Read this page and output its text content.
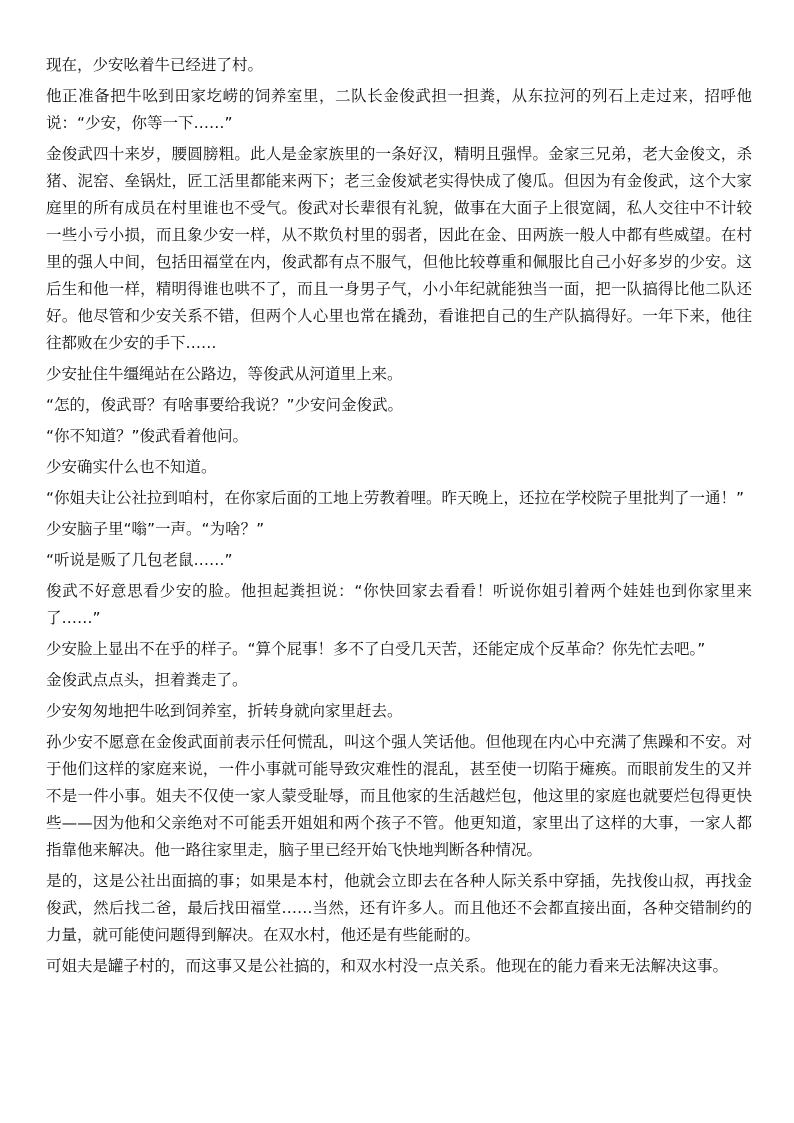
现在，少安吆着牛已经进了村。

他正准备把牛吆到田家圪崂的饲养室里，二队长金俊武担一担粪，从东拉河的列石上走过来，招呼他说：“少安，你等一下……”

金俊武四十来岁，腰圆膀粗。此人是金家族里的一条好汉，精明且强悍。金家三兄弟，老大金俊文，杀猪、泥窑、垒锅灶，匠工活里都能来两下；老三金俊斌老实得快成了傻瓜。但因为有金俊武，这个大家庭里的所有成员在村里谁也不受气。俊武对长辈很有礼貌，做事在大面子上很宽阔，私人交往中不计较一些小亏小损，而且象少安一样，从不欺负村里的弱者，因此在金、田两族一般人中都有些威望。在村里的强人中间，包括田福堂在内，俊武都有点不服气，但他比较尊重和佩服比自己小好多岁的少安。这后生和他一样，精明得谁也哄不了，而且一身男子气，小小年纪就能独当一面，把一队搞得比他二队还好。他尽管和少安关系不错，但两个人心里也常在撬劲，看谁把自己的生产队搞得好。一年下来，他往往都败在少安的手下……

少安扯住牛缰绳站在公路边，等俊武从河道里上来。

“怎的，俊武哥？有啥事要给我说？”少安问金俊武。

“你不知道？”俊武看着他问。

少安确实什么也不知道。

“你姐夫让公社拉到咱村，在你家后面的工地上劳教着哩。昨天晚上，还拉在学校院子里批判了一通！”

少安脑子里“嗡”一声。“为啥？”

“听说是贩了几包老鼠……”

俊武不好意思看少安的脸。他担起粪担说：“你快回家去看看！听说你姐引着两个娃娃也到你家里来了……”

少安脸上显出不在乎的样子。“算个屁事！多不了白受几天苦，还能定成个反革命？你先忙去吧。”

金俊武点点头，担着粪走了。

少安匆匆地把牛吆到饲养室，折转身就向家里赶去。

孙少安不愿意在金俊武面前表示任何慌乱，叫这个强人笑话他。但他现在内心中充满了焦躁和不安。对于他们这样的家庭来说，一件小事就可能导致灾难性的混乱，甚至使一切陷于瘫痪。而眼前发生的又并不是一件小事。姐夫不仅使一家人蒙受耻辱，而且他家的生活越烂包，他这里的家庭也就要烂包得更快些——因为他和父亲绝对不可能丢开姐姐和两个孩子不管。他更知道，家里出了这样的大事，一家人都指靠他来解决。他一路往家里走，脑子里已经开始飞快地判断各种情况。

是的，这是公社出面搞的事；如果是本村，他就会立即去在各种人际关系中穿插，先找俊山叔，再找金俊武，然后找二爸，最后找田福堂……当然，还有许多人。而且他还不会都直接出面，各种交错制约的力量，就可能使问题得到解决。在双水村，他还是有些能耐的。

可姐夫是罐子村的，而这事又是公社搞的，和双水村没一点关系。他现在的能力看来无法解决这事。
